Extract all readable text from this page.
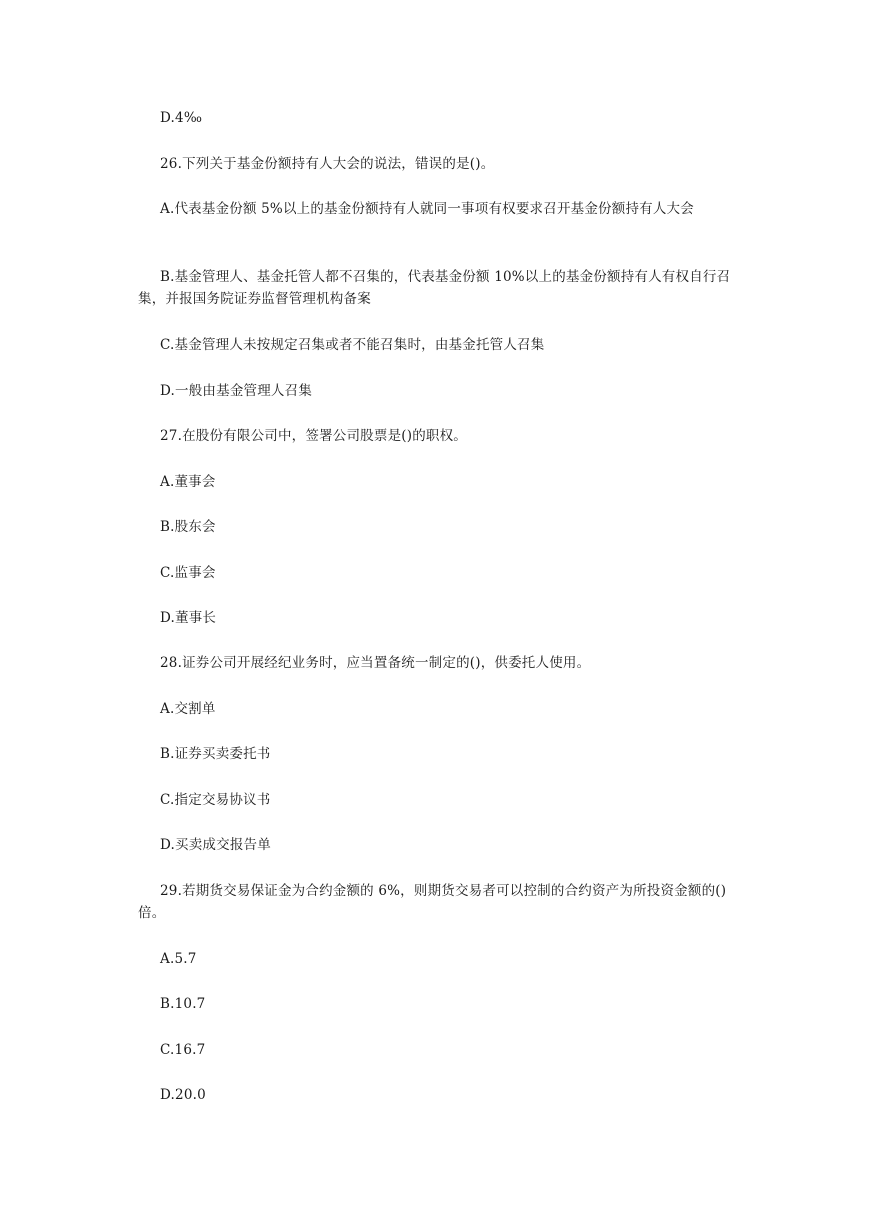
D.4‰
26.下列关于基金份额持有人大会的说法，错误的是()。
A.代表基金份额 5%以上的基金份额持有人就同一事项有权要求召开基金份额持有人大会
B.基金管理人、基金托管人都不召集的，代表基金份额 10%以上的基金份额持有人有权自行召集，并报国务院证券监督管理机构备案
C.基金管理人未按规定召集或者不能召集时，由基金托管人召集
D.一般由基金管理人召集
27.在股份有限公司中，签署公司股票是()的职权。
A.董事会
B.股东会
C.监事会
D.董事长
28.证券公司开展经纪业务时，应当置备统一制定的()，供委托人使用。
A.交割单
B.证券买卖委托书
C.指定交易协议书
D.买卖成交报告单
29.若期货交易保证金为合约金额的 6%，则期货交易者可以控制的合约资产为所投资金额的()倍。
A.5.7
B.10.7
C.16.7
D.20.0
